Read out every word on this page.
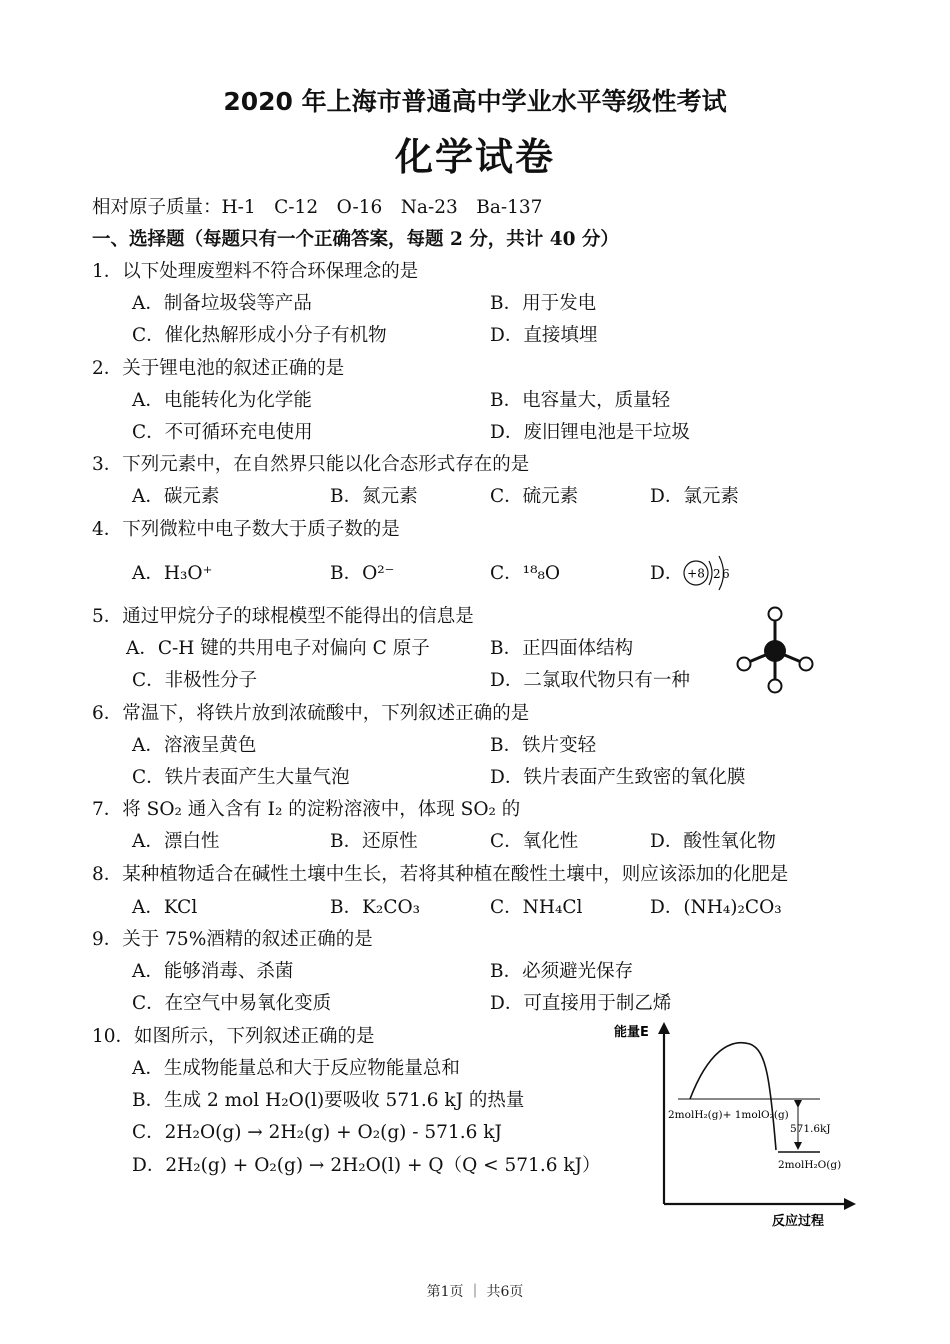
2020 年上海市普通高中学业水平等级性考试
化学试卷
相对原子质量：H-1　C-12　O-16　Na-23　Ba-137
一、选择题（每题只有一个正确答案，每题 2 分，共计 40 分）
1．以下处理废塑料不符合环保理念的是
A．制备垃圾袋等产品	B．用于发电
C．催化热解形成小分子有机物	D．直接填埋
2．关于锂电池的叙述正确的是
A．电能转化为化学能	B．电容量大，质量轻
C．不可循环充电使用	D．废旧锂电池是干垃圾
3．下列元素中，在自然界只能以化合态形式存在的是
A．碳元素	B．氮元素	C．硫元素	D．氯元素
4．下列微粒中电子数大于质子数的是
A．H₃O⁺	B．O²⁻	C．¹⁸₈O	D． +8 2 6
5．通过甲烷分子的球棍模型不能得出的信息是
A．C-H 键的共用电子对偏向 C 原子	B．正四面体结构
C．非极性分子	D．二氯取代物只有一种
6．常温下，将铁片放到浓硫酸中，下列叙述正确的是
A．溶液呈黄色	B．铁片变轻
C．铁片表面产生大量气泡	D．铁片表面产生致密的氧化膜
7．将 SO₂ 通入含有 I₂ 的淀粉溶液中，体现 SO₂ 的
A．漂白性	B．还原性	C．氧化性	D．酸性氧化物
8．某种植物适合在碱性土壤中生长，若将其种植在酸性土壤中，则应该添加的化肥是
A．KCl	B．K₂CO₃	C．NH₄Cl	D．(NH₄)₂CO₃
9．关于 75%酒精的叙述正确的是
A．能够消毒、杀菌	B．必须避光保存
C．在空气中易氧化变质	D．可直接用于制乙烯
10．如图所示，下列叙述正确的是
A．生成物能量总和大于反应物能量总和
B．生成 2 mol H₂O(l)要吸收 571.6 kJ 的热量
C．2H₂O(g) → 2H₂(g) + O₂(g) - 571.6 kJ
D．2H₂(g) + O₂(g) → 2H₂O(l) + Q（Q < 571.6 kJ）
能量E
反应过程
2molH₂(g)+ 1molO₂(g)
571.6kJ
2molH₂O(g)
第1页 ｜ 共6页
